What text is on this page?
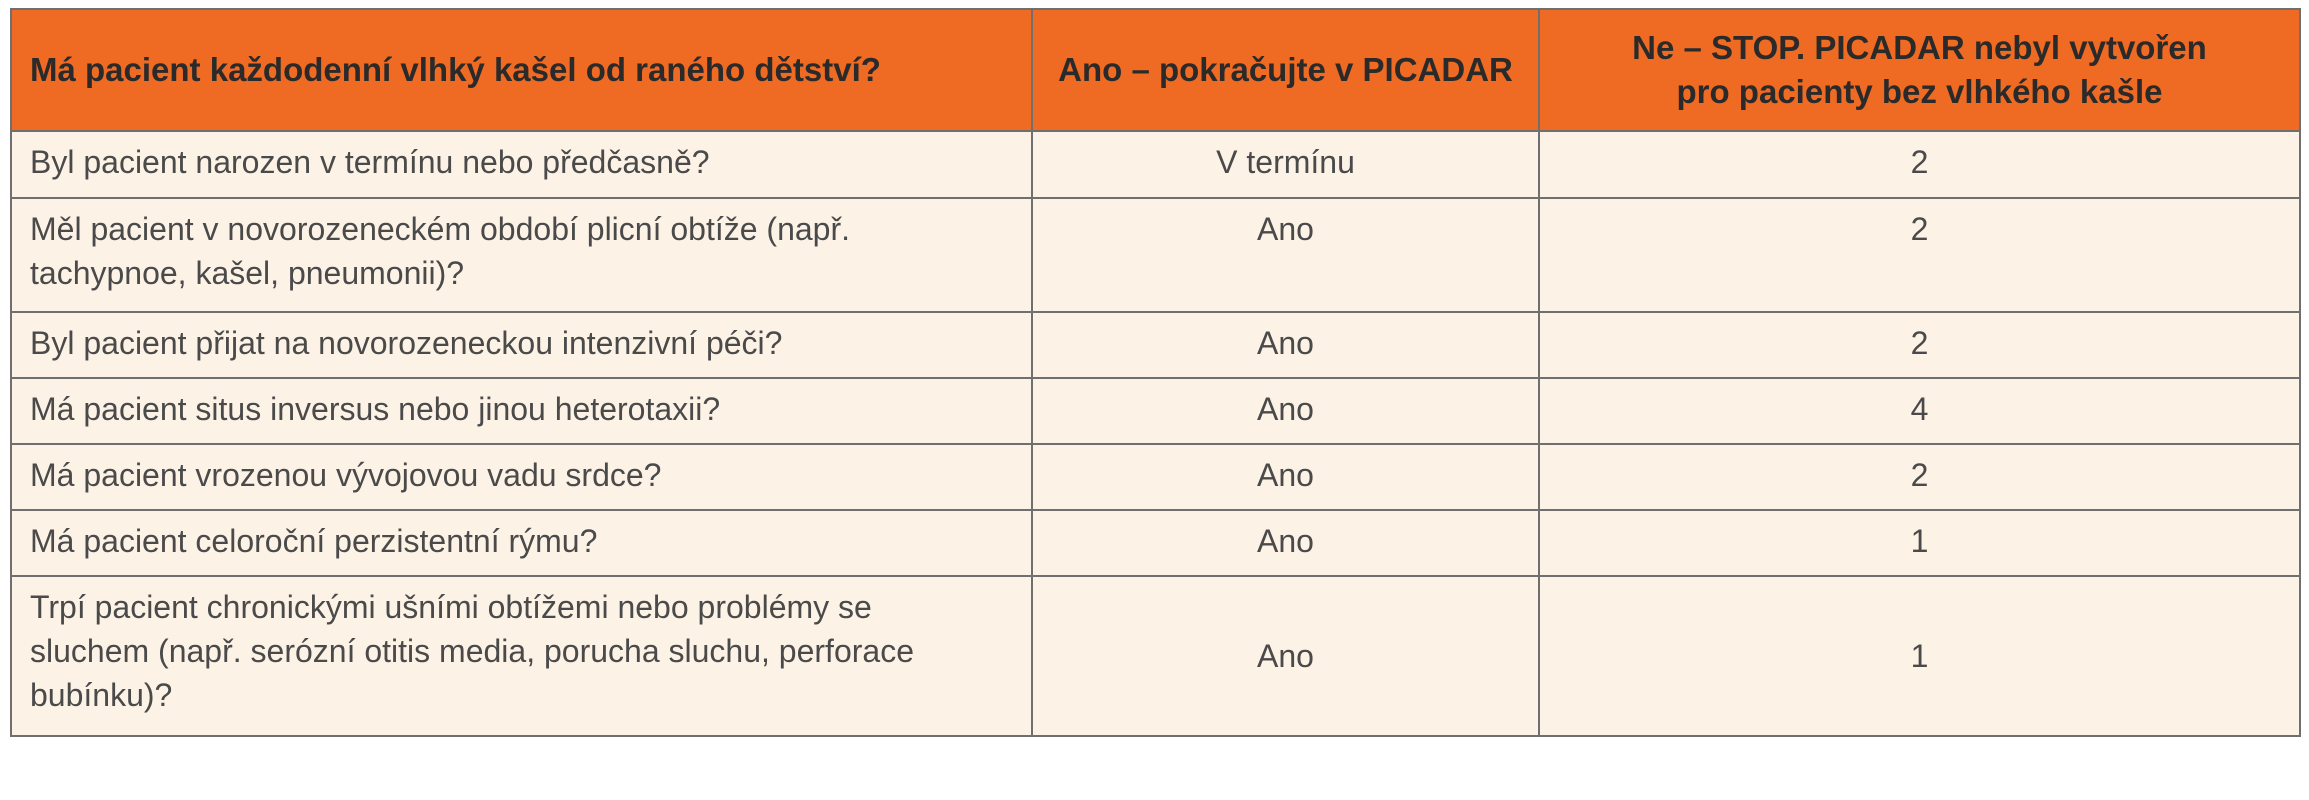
Má pacient každodenní vlhký kašel od raného dětství?	Ano – pokračujte v PICADAR	Ne – STOP. PICADAR nebyl vytvořen
pro pacienty bez vlhkého kašle
Byl pacient narozen v termínu nebo předčasně?	V termínu	2
Měl pacient v novorozeneckém období plicní obtíže (např.
tachypnoe, kašel, pneumonii)?	Ano	2
Byl pacient přijat na novorozeneckou intenzivní péči?	Ano	2
Má pacient situs inversus nebo jinou heterotaxii?	Ano	4
Má pacient vrozenou vývojovou vadu srdce?	Ano	2
Má pacient celoroční perzistentní rýmu?	Ano	1
Trpí pacient chronickými ušními obtížemi nebo problémy se
sluchem (např. serózní otitis media, porucha sluchu, perforace
bubínku)?	Ano	1
